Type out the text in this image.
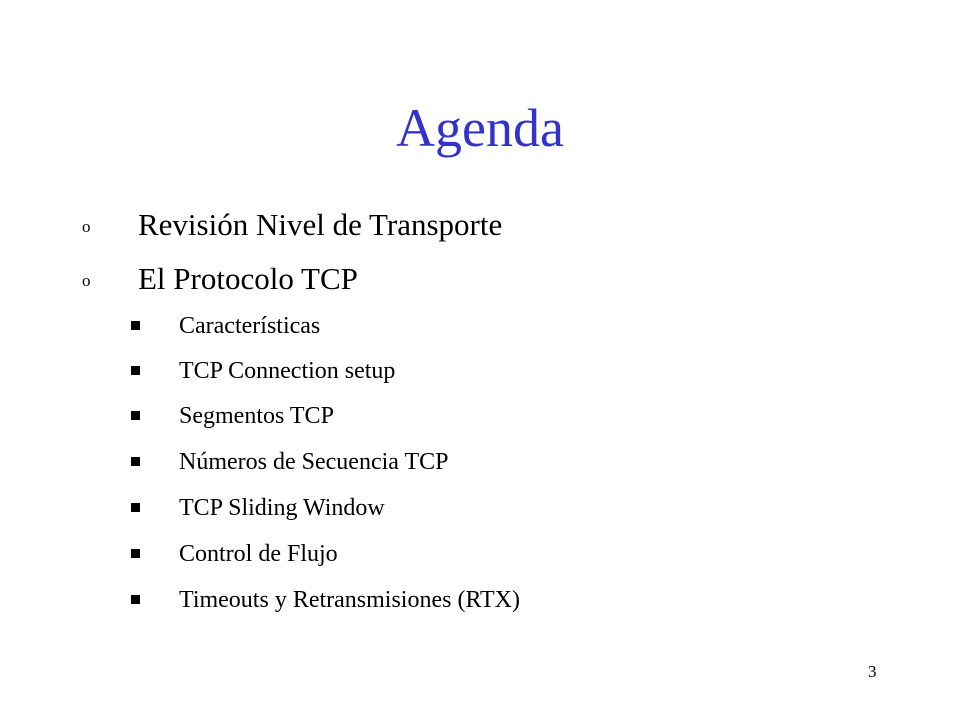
Agenda
o Revisión Nivel de Transporte
o El Protocolo TCP
Características
TCP Connection setup
Segmentos TCP
Números de Secuencia TCP
TCP Sliding Window
Control de Flujo
Timeouts y Retransmisiones (RTX)
3
